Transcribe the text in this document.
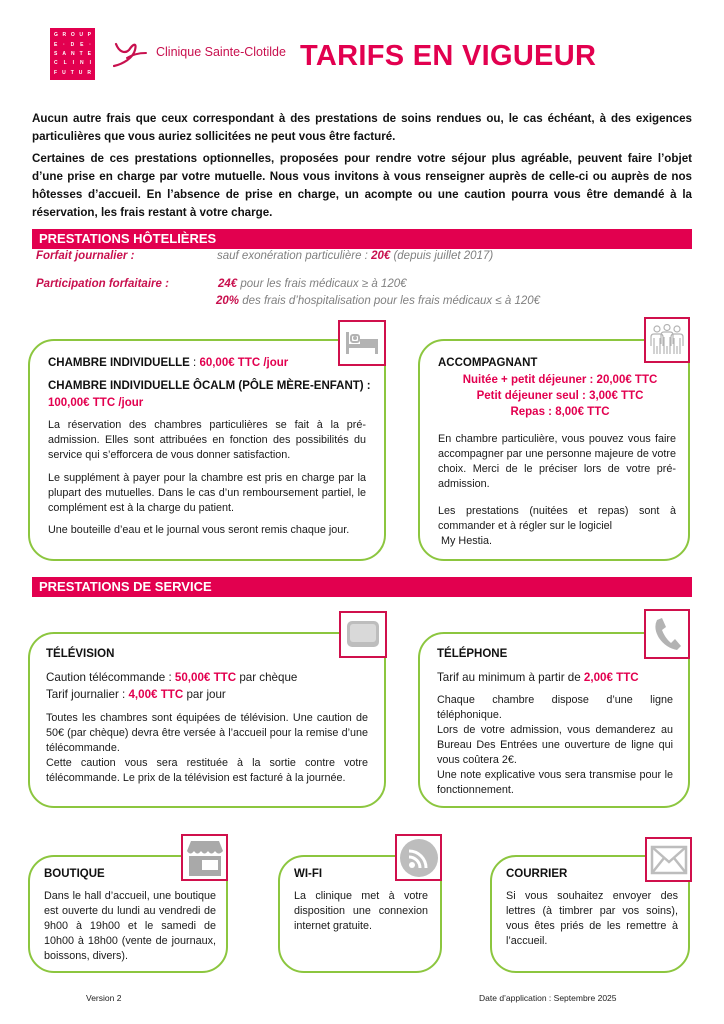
G R O U P
E · D E ·
S A N T E
C L I N I
F U T U R
Clinique Sainte-Clotilde TARIFS EN VIGUEUR

Aucun autre frais que ceux correspondant à des prestations de soins rendues ou, le cas échéant, à des exigences particulières que vous auriez sollicitées ne peut vous être facturé.

Certaines de ces prestations optionnelles, proposées pour rendre votre séjour plus agréable, peuvent faire l’objet d’une prise en charge par votre mutuelle. Nous vous invitons à vous renseigner auprès de celle-ci ou auprès de nos hôtesses d’accueil. En l’absence de prise en charge, un acompte ou une caution pourra vous être demandé à la réservation, les frais restant à votre charge.

PRESTATIONS HÔTELIÈRES
Forfait journalier :	sauf exonération particulière : 20€ (depuis juillet 2017)
Participation forfaitaire :	24€ pour les frais médicaux ≥ à 120€
20% des frais d’hospitalisation pour les frais médicaux ≤ à 120€
CHAMBRE INDIVIDUELLE : 60,00€ TTC /jour
CHAMBRE INDIVIDUELLE ÔCALM (PÔLE MÈRE-ENFANT) :
100,00€ TTC /jour

La réservation des chambres particulières se fait à la pré-admission. Elles sont attribuées en fonction des possibilités du service qui s’efforcera de vous donner satisfaction.

Le supplément à payer pour la chambre est pris en charge par la plupart des mutuelles. Dans le cas d’un remboursement partiel, le complément est à la charge du patient.

Une bouteille d’eau et le journal vous seront remis chaque jour.

ACCOMPAGNANT
Nuitée + petit déjeuner : 20,00€ TTC
Petit déjeuner seul : 3,00€ TTC
Repas : 8,00€ TTC

En chambre particulière, vous pouvez vous faire accompagner par une personne majeure de votre choix. Merci de le préciser lors de votre pré-admission.

Les prestations (nuitées et repas) sont à commander et à régler sur le logiciel

My Hestia.

PRESTATIONS DE SERVICE
TÉLÉVISION
Caution télécommande : 50,00€ TTC par chèque
Tarif journalier : 4,00€ TTC par jour

Toutes les chambres sont équipées de télévision. Une caution de 50€ (par chèque) devra être versée à l’accueil pour la remise d’une télécommande.

Cette caution vous sera restituée à la sortie contre votre télécommande. Le prix de la télévision est facturé à la journée.

TÉLÉPHONE
Tarif au minimum à partir de 2,00€ TTC

Chaque chambre dispose d’une ligne téléphonique.

Lors de votre admission, vous demanderez au Bureau Des Entrées une ouverture de ligne qui vous coûtera 2€.

Une note explicative vous sera transmise pour le fonctionnement.

BOUTIQUE

Dans le hall d’accueil, une boutique est ouverte du lundi au vendredi de 9h00 à 19h00 et le samedi de 10h00 à 18h00 (vente de journaux, boissons, divers).

WI-FI

La clinique met à votre disposition une connexion internet gratuite.

COURRIER

Si vous souhaitez envoyer des lettres (à timbrer par vos soins), vous êtes priés de les remettre à l’accueil.

Version 2	Date d’application : Septembre 2025
